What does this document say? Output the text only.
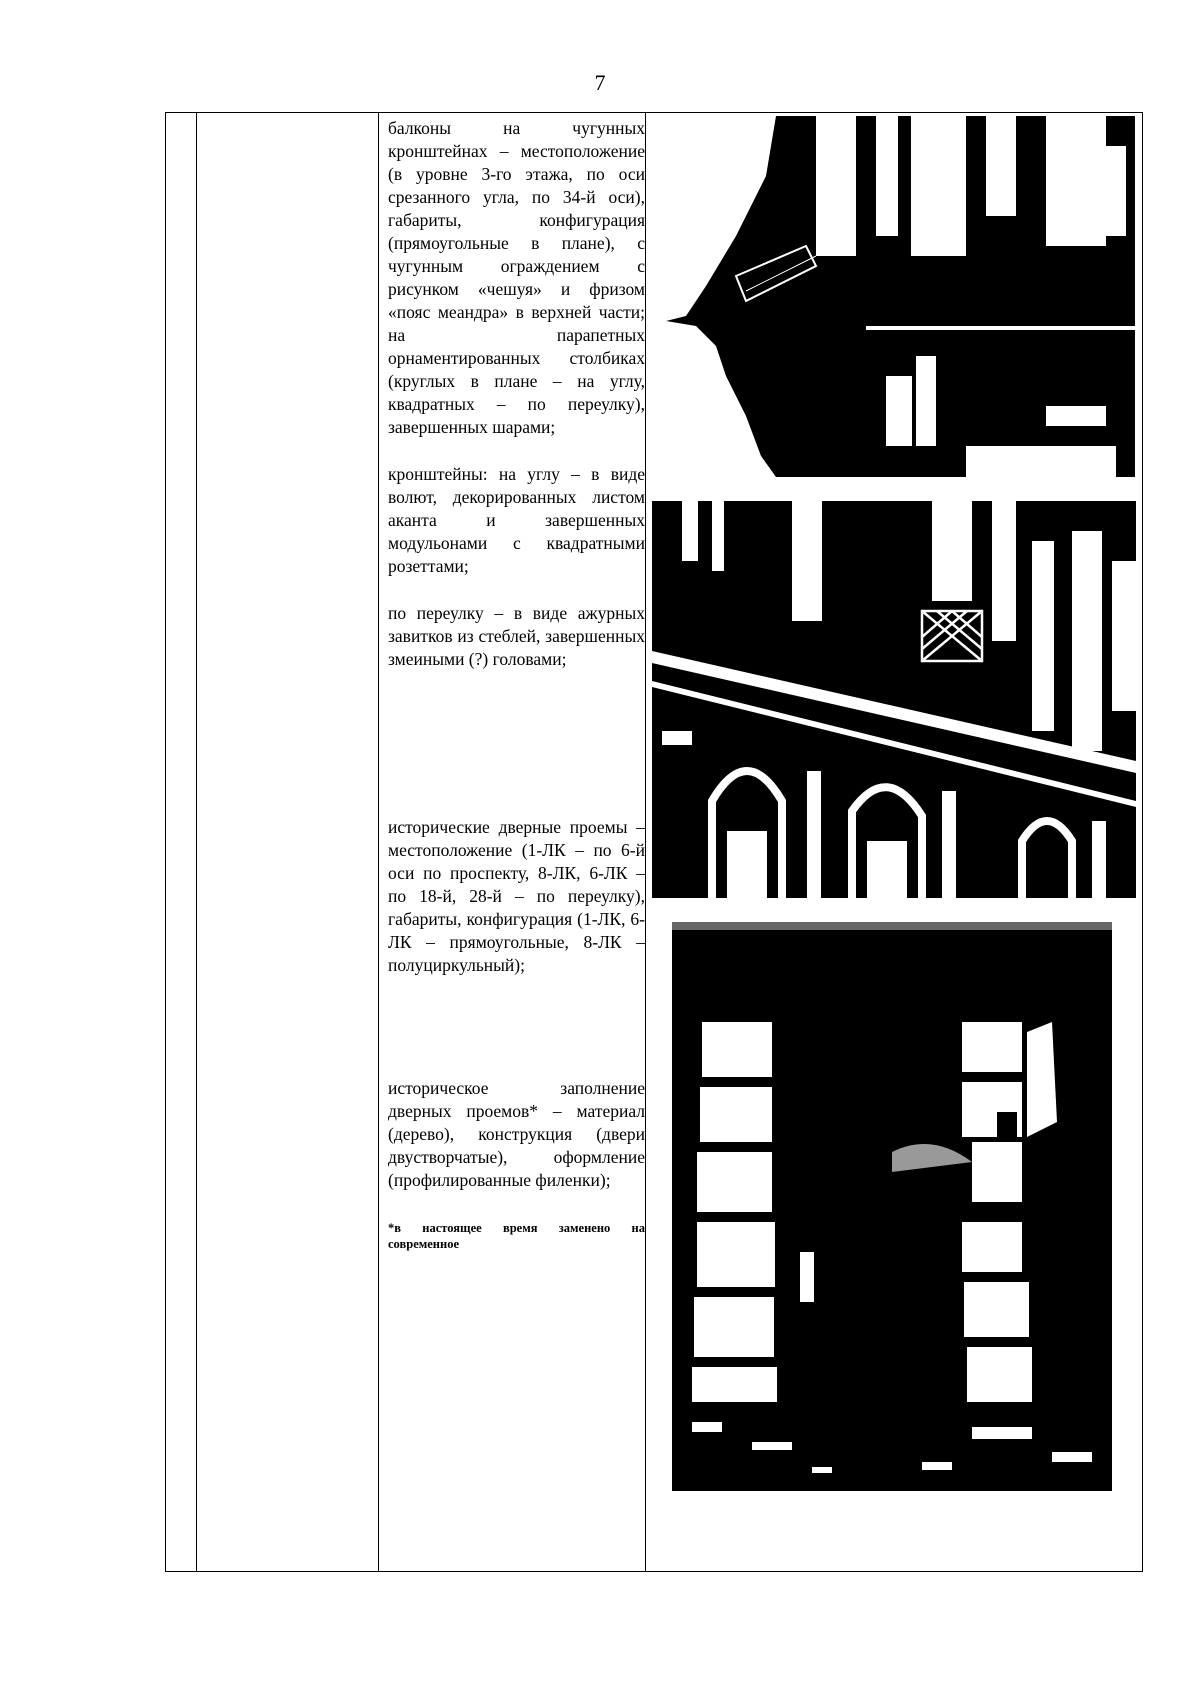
7

балконы на чугунных кронштейнах – местоположение (в уровне 3-го этажа, по оси срезанного угла, по 34-й оси), габариты, конфигурация (прямоугольные в плане), с чугунным ограждением с рисунком «чешуя» и фризом «пояс меандра» в верхней части; на парапетных орнаментированных столбиках (круглых в плане – на углу, квадратных – по переулку), завершенных шарами;

кронштейны: на углу – в виде волют, декорированных листом аканта и завершенных модульонами с квадратными розеттами;

по переулку – в виде ажурных завитков из стеблей, завершенных змеиными (?) головами;

исторические дверные проемы – местоположение (1-ЛК – по 6-й оси по проспекту, 8-ЛК, 6-ЛК – по 18-й, 28-й – по переулку), габариты, конфигурация (1-ЛК, 6-ЛК – прямоугольные, 8-ЛК – полуциркульный);

историческое заполнение дверных проемов* – материал (дерево), конструкция (двери двустворчатые), оформление (профилированные филенки);

*в настоящее время заменено на современное
